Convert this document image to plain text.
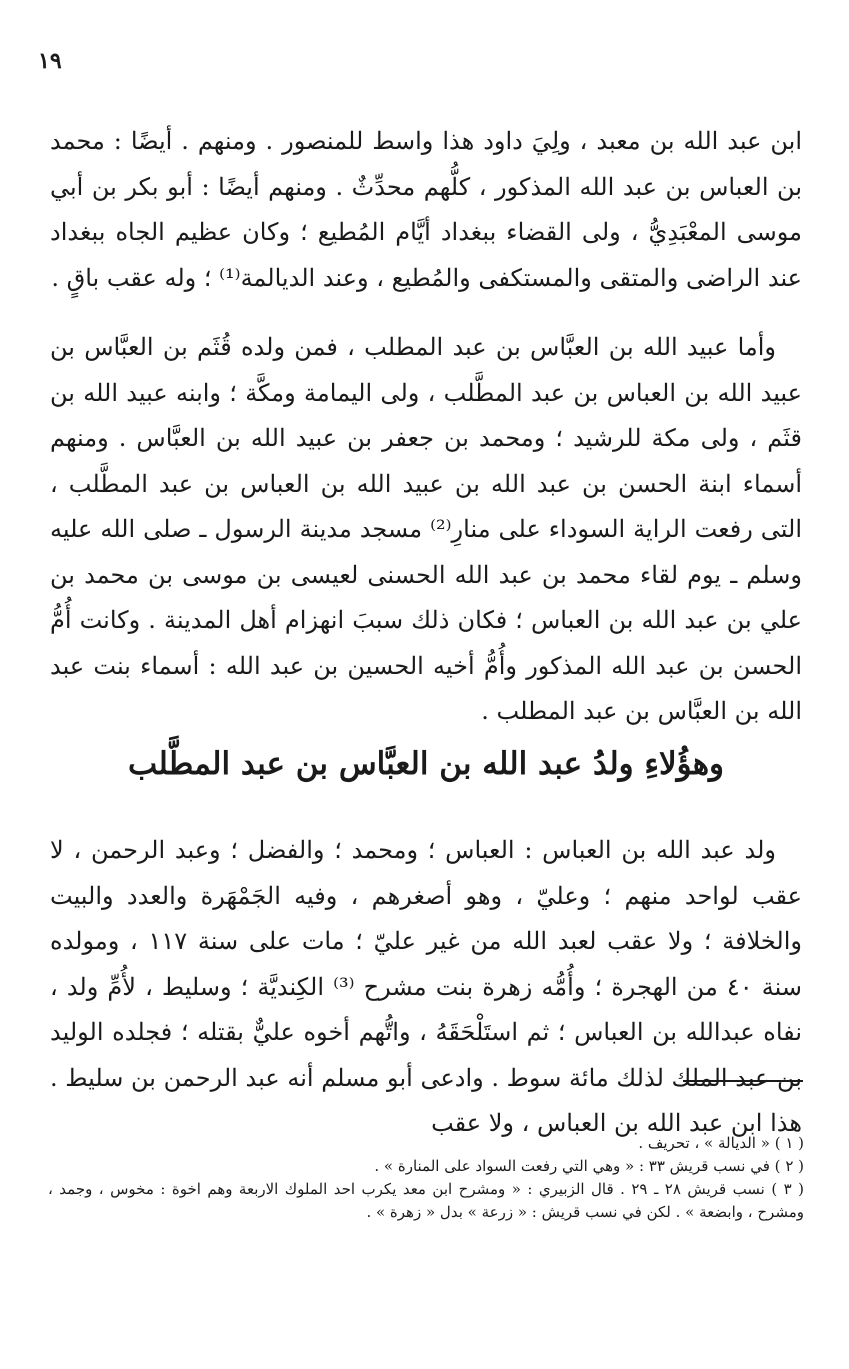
١٩

ابن عبد الله بن معبد ، ولِيَ داود هذا واسط للمنصور . ومنهم . أيضًا : محمد بن العباس بن عبد الله المذكور ، كلُّهم محدِّثٌ . ومنهم أيضًا : أبو بكر بن أبي موسى المعْبَدِيُّ ، ولى القضاء ببغداد أيَّام المُطيع ؛ وكان عظيم الجاه ببغداد عند الراضى والمتقى والمستكفى والمُطيع ، وعند الديالمة⁽¹⁾ ؛ وله عقب باقٍ .

وأما عبيد الله بن العبَّاس بن عبد المطلب ، فمن ولده قُثَم بن العبَّاس بن عبيد الله بن العباس بن عبد المطَّلب ، ولى اليمامة ومكَّة ؛ وابنه عبيد الله بن قثَم ، ولى مكة للرشيد ؛ ومحمد بن جعفر بن عبيد الله بن العبَّاس . ومنهم أسماء ابنة الحسن بن عبد الله بن عبيد الله بن العباس بن عبد المطَّلب ، التى رفعت الراية السوداء على منارِ⁽²⁾ مسجد مدينة الرسول ـ صلى الله عليه وسلم ـ يوم لقاء محمد بن عبد الله الحسنى لعيسى بن موسى بن محمد بن علي بن عبد الله بن العباس ؛ فكان ذلك سببَ انهزام أهل المدينة . وكانت أُمُّ الحسن بن عبد الله المذكور وأُمُّ أخيه الحسين بن عبد الله : أسماء بنت عبد الله بن العبَّاس بن عبد المطلب .

وهؤُلاءِ ولدُ عبد الله بن العبَّاس بن عبد المطَّلب

ولد عبد الله بن العباس : العباس ؛ ومحمد ؛ والفضل ؛ وعبد الرحمن ، لا عقب لواحد منهم ؛ وعليّ ، وهو أصغرهم ، وفيه الجَمْهَرة والعدد والبيت والخلافة ؛ ولا عقب لعبد الله من غير عليّ ؛ مات على سنة ١١٧ ، ومولده سنة ٤٠ من الهجرة ؛ وأُمُّه زهرة بنت مشرح ⁽³⁾ الكِنديَّة ؛ وسليط ، لأُمِّ ولد ، نفاه عبدالله بن العباس ؛ ثم استَلْحَقَهُ ، واتُّهم أخوه عليٌّ بقتله ؛ فجلده الوليد بن عبد الملك لذلك مائة سوط . وادعى أبو مسلم أنه عبد الرحمن بن سليط . هذا ابن عبد الله بن العباس ، ولا عقب

( ١ ) « الديالة » ، تحريف .

( ٢ ) في نسب قريش ٣٣ : « وهي التي رفعت السواد على المنارة » .

( ٣ ) نسب قريش ٢٨ ـ ٢٩ . قال الزبيري : « ومشرح ابن معد يكرب احد الملوك الاربعة وهم اخوة : مخوس ، وجمد ، ومشرح ، وابضعة » . لكن في نسب قريش : « زرعة » بدل « زهرة » .
